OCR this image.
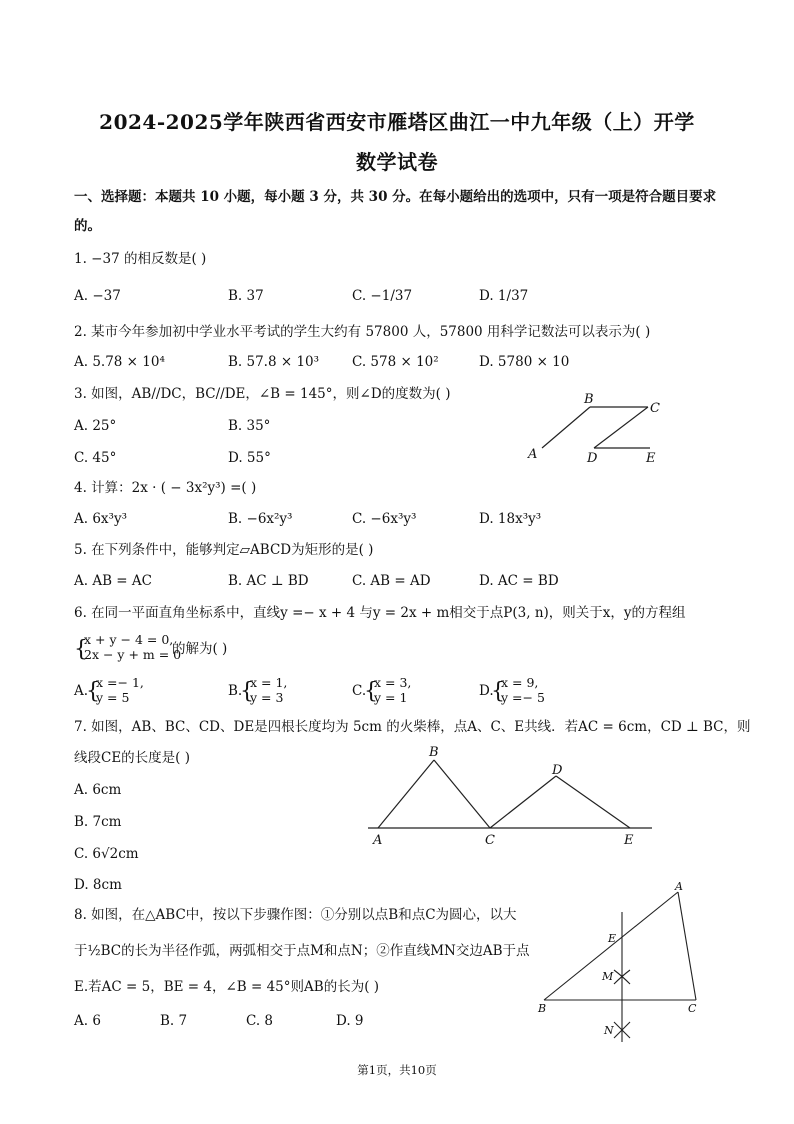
2024-2025学年陕西省西安市雁塔区曲江一中九年级（上）开学
数学试卷
一、选择题：本题共 10 小题，每小题 3 分，共 30 分。在每小题给出的选项中，只有一项是符合题目要求
的。
1. −37 的相反数是( )
A. −37	B. 37	C. −1/37	D. 1/37
2. 某市今年参加初中学业水平考试的学生大约有 57800 人，57800 用科学记数法可以表示为( )
A. 5.78 × 10⁴	B. 57.8 × 10³ C. 578 × 10²	D. 5780 × 10
3. 如图，AB//DC，BC//DE，∠B = 145°，则∠D的度数为( )
A. 25°	B. 35°
C. 45°	D. 55°	A
B
C
D	E
4. 计算：2x · ( − 3x²y³) =( )
A. 6x³y³	B. −6x²y³	C. −6x³y³	D. 18x³y³
5. 在下列条件中，能够判定▱ABCD为矩形的是( )
A. AB = AC	B. AC ⊥ BD	C. AB = AD	D. AC = BD
6. 在同一平面直角坐标系中，直线y =− x + 4 与y = 2x + m相交于点P(3, n)，则关于x，y的方程组
{
x + y − 4 = 0,
2x − y + m = 0
的解为( )
A.
{
x =− 1,
y = 5	B.
{
x = 1,
y = 3	C.
{
x = 3,
y = 1	D.
{
x = 9,
y =− 5
7. 如图，AB、BC、CD、DE是四根长度均为 5cm 的火柴棒，点A、C、E共线．若AC = 6cm，CD ⊥ BC，则
线段CE的长度是( )
A. 6cm
B. 7cm
C. 6√2cm
D. 8cm
A
B
C
D
E
8. 如图，在△ABC中，按以下步骤作图：①分别以点B和点C为圆心，以大
于½BC的长为半径作弧，两弧相交于点M和点N；②作直线MN交边AB于点
E.若AC = 5，BE = 4，∠B = 45°则AB的长为( )
A. 6	B. 7	C. 8	D. 9
A
E
M
B	C
N
第1页，共10页
